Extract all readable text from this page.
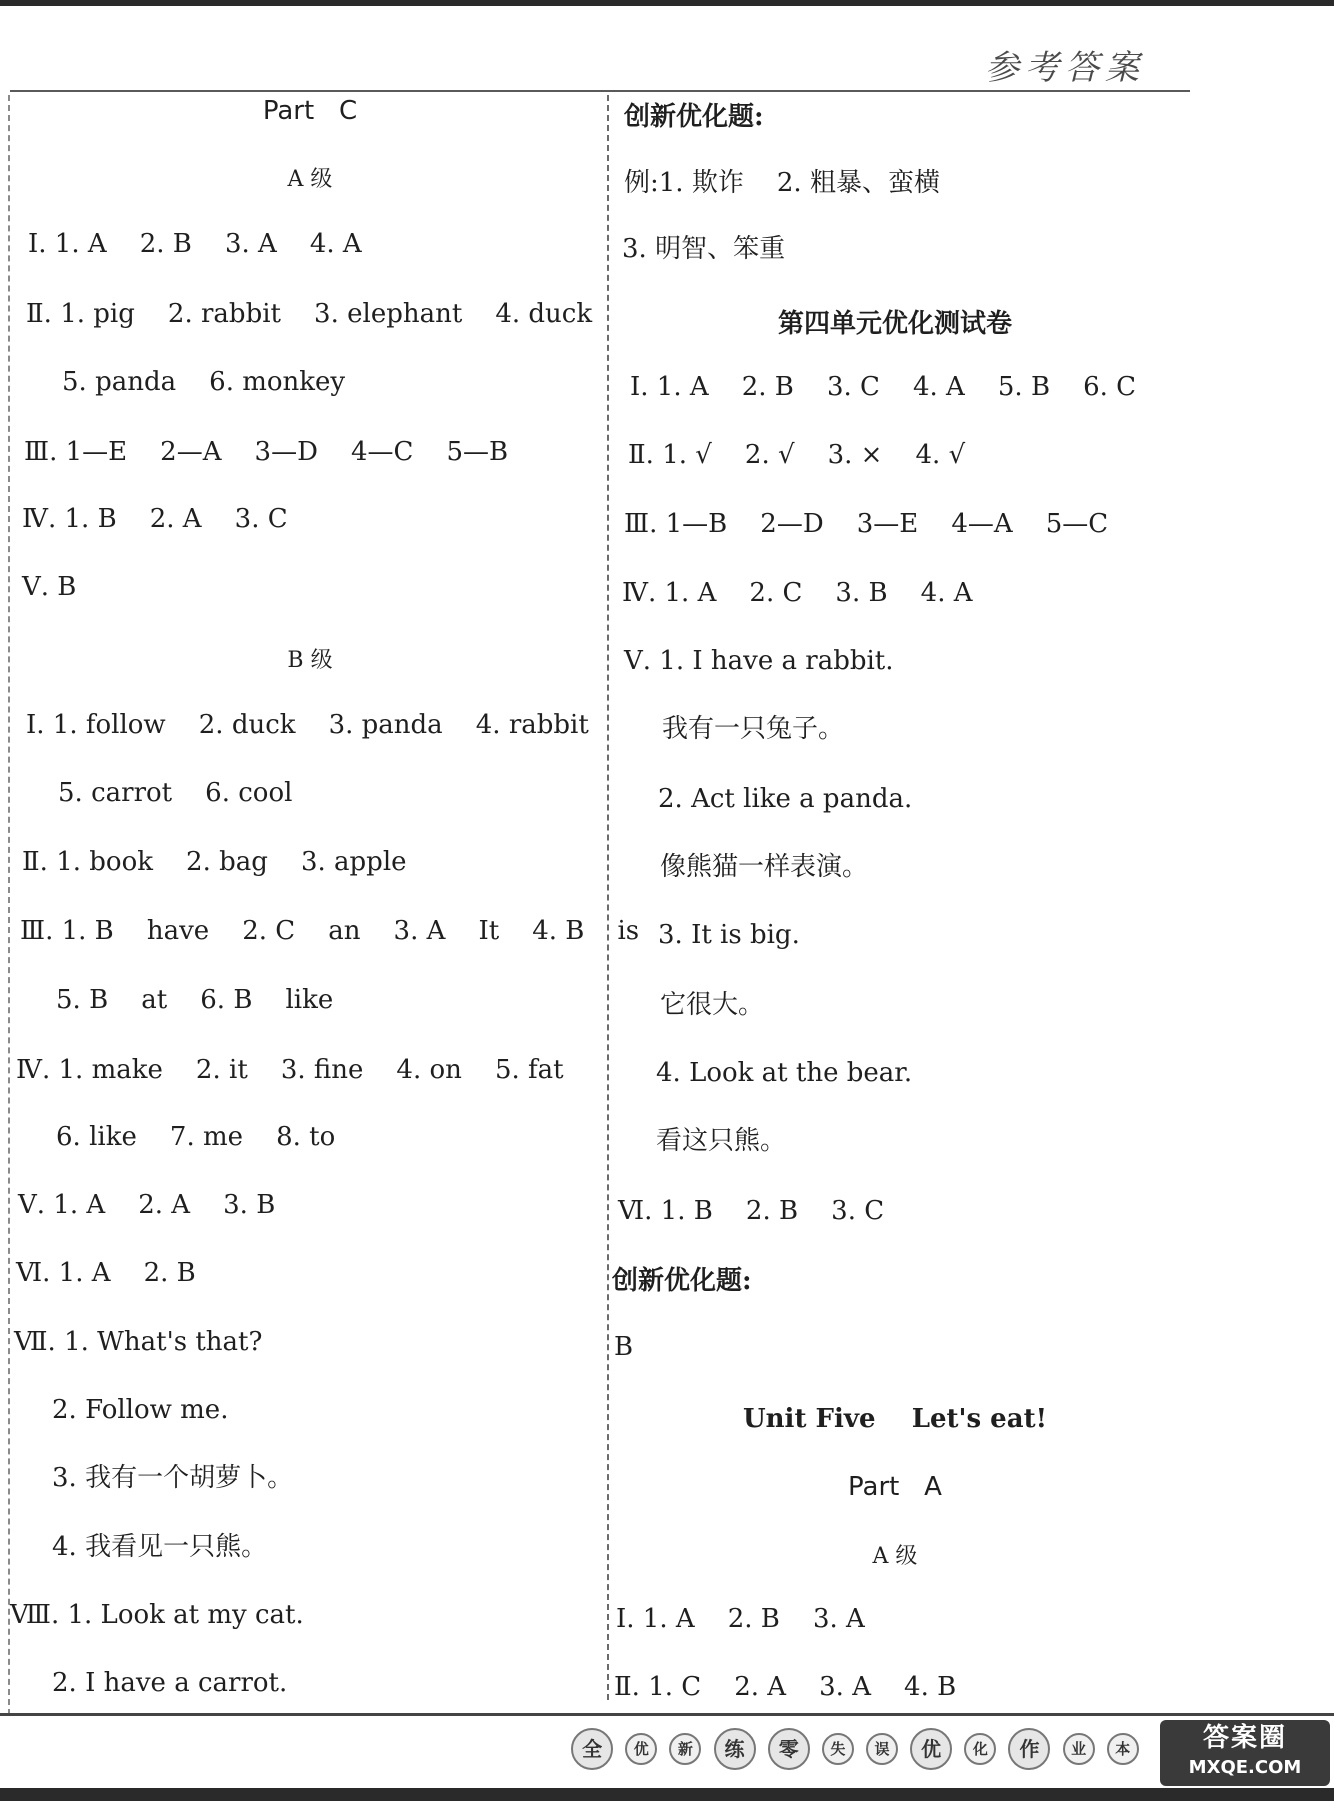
参考答案
Part   C
A 级
Ⅰ. 1. A    2. B    3. A    4. A
Ⅱ. 1. pig    2. rabbit    3. elephant    4. duck
5. panda    6. monkey
Ⅲ. 1—E    2—A    3—D    4—C    5—B
Ⅳ. 1. B    2. A    3. C
Ⅴ. B
B 级
Ⅰ. 1. follow    2. duck    3. panda    4. rabbit
5. carrot    6. cool
Ⅱ. 1. book    2. bag    3. apple
Ⅲ. 1. B    have    2. C    an    3. A    It    4. B    is
5. B    at    6. B    like
Ⅳ. 1. make    2. it    3. fine    4. on    5. fat
6. like    7. me    8. to
Ⅴ. 1. A    2. A    3. B
Ⅵ. 1. A    2. B
Ⅶ. 1. What's that?
2. Follow me.
3. 我有一个胡萝卜。
4. 我看见一只熊。
Ⅷ. 1. Look at my cat.
2. I have a carrot.
创新优化题:
例:1. 欺诈    2. 粗暴、蛮横
3. 明智、笨重
第四单元优化测试卷
Ⅰ. 1. A    2. B    3. C    4. A    5. B    6. C
Ⅱ. 1. √    2. √    3. ×    4. √
Ⅲ. 1—B    2—D    3—E    4—A    5—C
Ⅳ. 1. A    2. C    3. B    4. A
Ⅴ. 1. I have a rabbit.
我有一只兔子。
2. Act like a panda.
像熊猫一样表演。
3. It is big.
它很大。
4. Look at the bear.
看这只熊。
Ⅵ. 1. B    2. B    3. C
创新优化题:
B
Unit Five    Let's eat!
Part   A
A 级
Ⅰ. 1. A    2. B    3. A
Ⅱ. 1. C    2. A    3. A    4. B
全	优	新	练	零	失	误	优	化	作	业	本	答案圈
MXQE.COM
